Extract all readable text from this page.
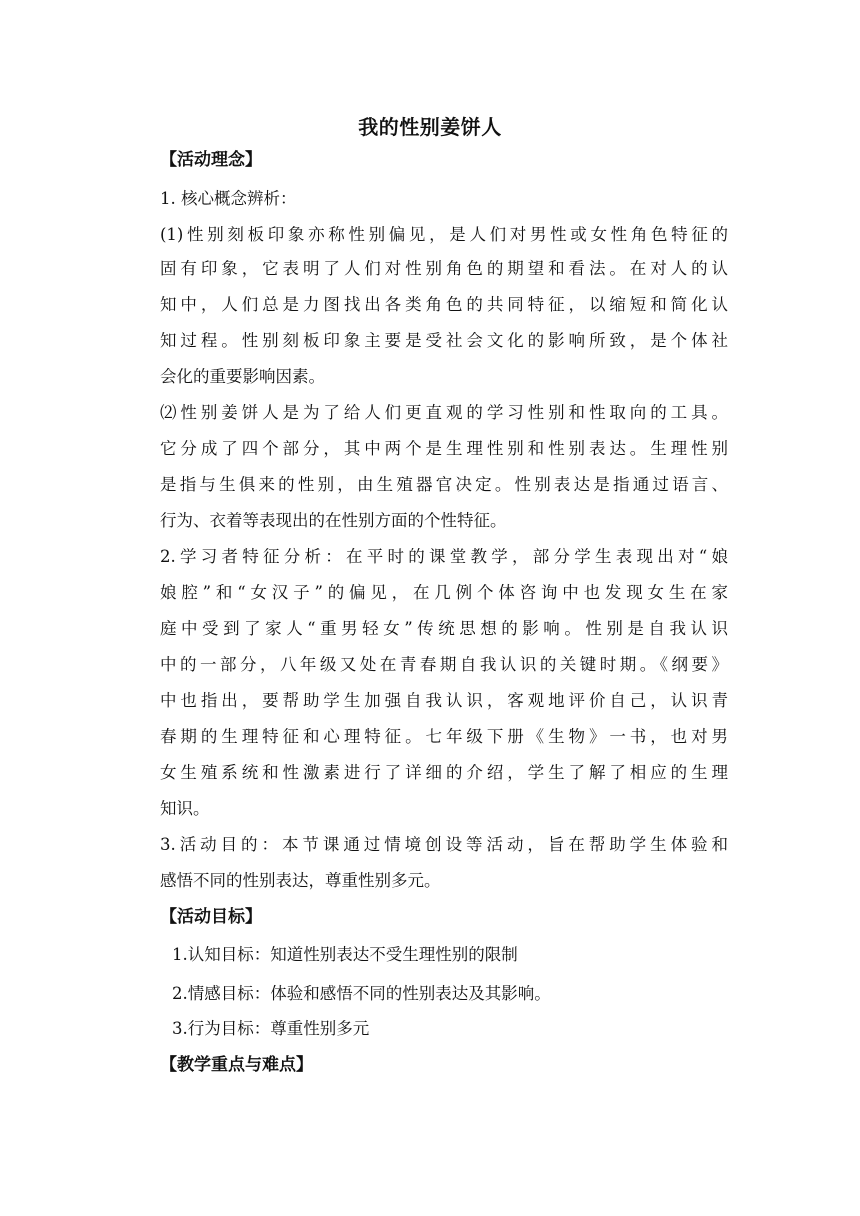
我的性别姜饼人
【活动理念】
1. 核心概念辨析：
(1)性别刻板印象亦称性别偏见，是人们对男性或女性角色特征的
固有印象，它表明了人们对性别角色的期望和看法。在对人的认
知中，人们总是力图找出各类角色的共同特征，以缩短和简化认
知过程。性别刻板印象主要是受社会文化的影响所致，是个体社
会化的重要影响因素。
⑵性别姜饼人是为了给人们更直观的学习性别和性取向的工具。
它分成了四个部分，其中两个是生理性别和性别表达。生理性别
是指与生俱来的性别，由生殖器官决定。性别表达是指通过语言、
行为、衣着等表现出的在性别方面的个性特征。
2.学习者特征分析：在平时的课堂教学，部分学生表现出对“娘
娘腔”和“女汉子”的偏见，在几例个体咨询中也发现女生在家
庭中受到了家人“重男轻女”传统思想的影响。性别是自我认识
中的一部分，八年级又处在青春期自我认识的关键时期。《纲要》
中也指出，要帮助学生加强自我认识，客观地评价自己，认识青
春期的生理特征和心理特征。七年级下册《生物》一书，也对男
女生殖系统和性激素进行了详细的介绍，学生了解了相应的生理
知识。
3.活动目的：本节课通过情境创设等活动，旨在帮助学生体验和
感悟不同的性别表达，尊重性别多元。
【活动目标】
1.认知目标：知道性别表达不受生理性别的限制
2.情感目标：体验和感悟不同的性别表达及其影响。
3.行为目标：尊重性别多元
【教学重点与难点】
